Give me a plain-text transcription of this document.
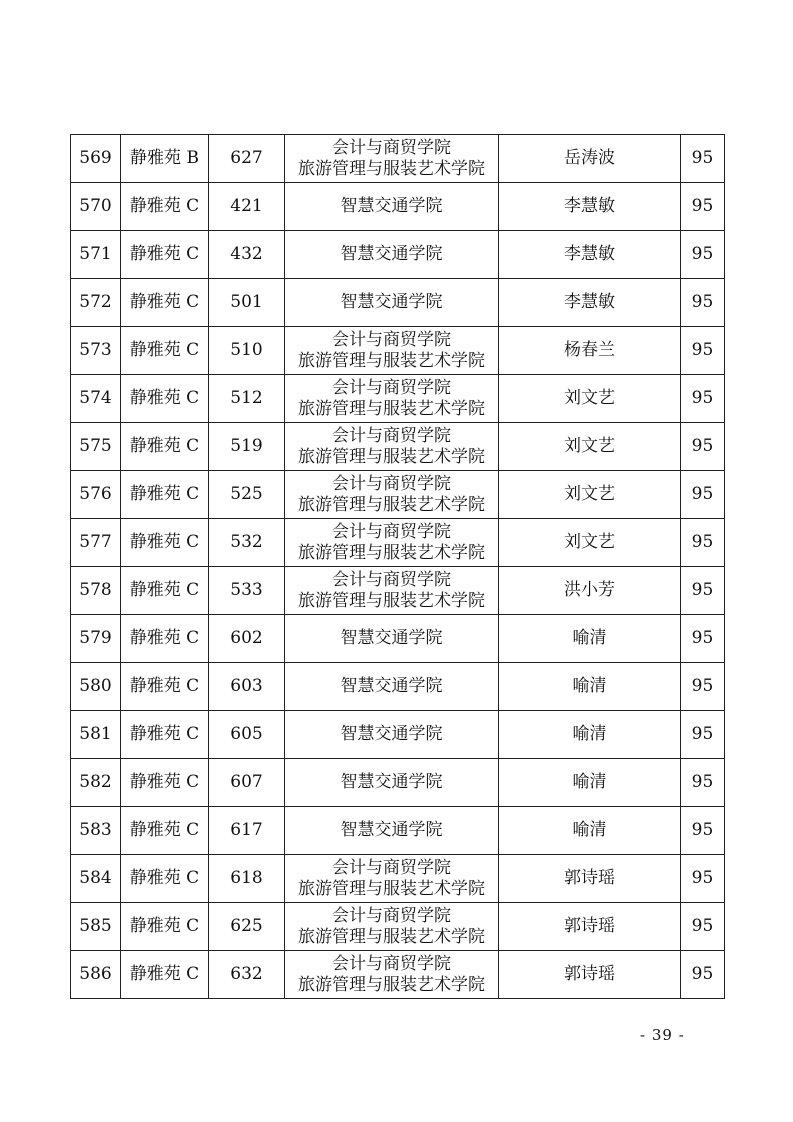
569	静雅苑 B	627	会计与商贸学院
旅游管理与服装艺术学院	岳涛波	95
570	静雅苑 C	421	智慧交通学院	李慧敏	95
571	静雅苑 C	432	智慧交通学院	李慧敏	95
572	静雅苑 C	501	智慧交通学院	李慧敏	95
573	静雅苑 C	510	会计与商贸学院
旅游管理与服装艺术学院	杨春兰	95
574	静雅苑 C	512	会计与商贸学院
旅游管理与服装艺术学院	刘文艺	95
575	静雅苑 C	519	会计与商贸学院
旅游管理与服装艺术学院	刘文艺	95
576	静雅苑 C	525	会计与商贸学院
旅游管理与服装艺术学院	刘文艺	95
577	静雅苑 C	532	会计与商贸学院
旅游管理与服装艺术学院	刘文艺	95
578	静雅苑 C	533	会计与商贸学院
旅游管理与服装艺术学院	洪小芳	95
579	静雅苑 C	602	智慧交通学院	喻清	95
580	静雅苑 C	603	智慧交通学院	喻清	95
581	静雅苑 C	605	智慧交通学院	喻清	95
582	静雅苑 C	607	智慧交通学院	喻清	95
583	静雅苑 C	617	智慧交通学院	喻清	95
584	静雅苑 C	618	会计与商贸学院
旅游管理与服装艺术学院	郭诗瑶	95
585	静雅苑 C	625	会计与商贸学院
旅游管理与服装艺术学院	郭诗瑶	95
586	静雅苑 C	632	会计与商贸学院
旅游管理与服装艺术学院	郭诗瑶	95
- 39 -
